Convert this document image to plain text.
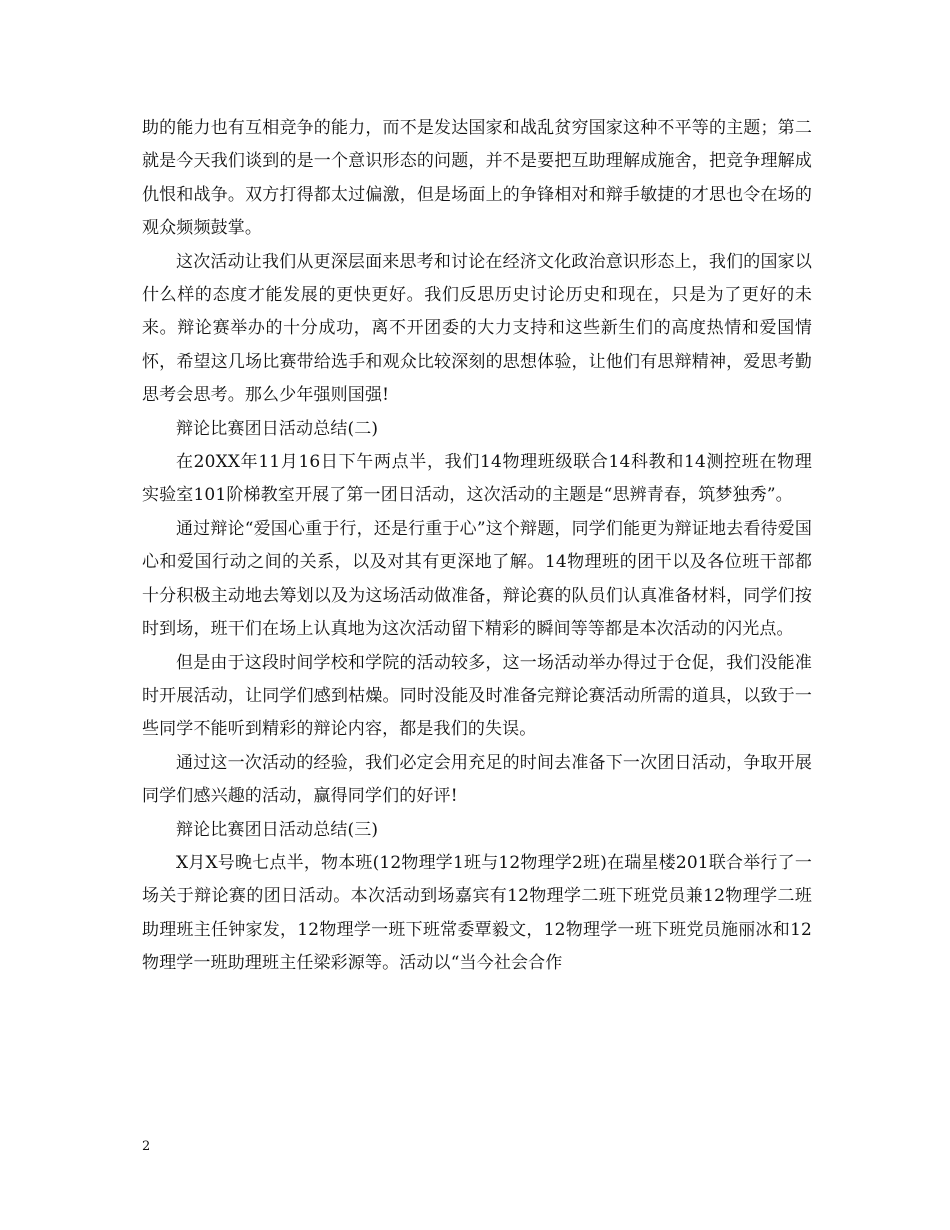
助的能力也有互相竞争的能力，而不是发达国家和战乱贫穷国家这种不平等的主题；第二就是今天我们谈到的是一个意识形态的问题，并不是要把互助理解成施舍，把竞争理解成仇恨和战争。双方打得都太过偏激，但是场面上的争锋相对和辩手敏捷的才思也令在场的观众频频鼓掌。

这次活动让我们从更深层面来思考和讨论在经济文化政治意识形态上，我们的国家以什么样的态度才能发展的更快更好。我们反思历史讨论历史和现在，只是为了更好的未来。辩论赛举办的十分成功，离不开团委的大力支持和这些新生们的高度热情和爱国情怀，希望这几场比赛带给选手和观众比较深刻的思想体验，让他们有思辩精神，爱思考勤思考会思考。那么少年强则国强!

辩论比赛团日活动总结(二)

在20XX年11月16日下午两点半，我们14物理班级联合14科教和14测控班在物理实验室101阶梯教室开展了第一团日活动，这次活动的主题是“思辨青春，筑梦独秀”。

通过辩论“爱国心重于行，还是行重于心”这个辩题，同学们能更为辩证地去看待爱国心和爱国行动之间的关系，以及对其有更深地了解。14物理班的团干以及各位班干部都十分积极主动地去筹划以及为这场活动做准备，辩论赛的队员们认真准备材料，同学们按时到场，班干们在场上认真地为这次活动留下精彩的瞬间等等都是本次活动的闪光点。

但是由于这段时间学校和学院的活动较多，这一场活动举办得过于仓促，我们没能准时开展活动，让同学们感到枯燥。同时没能及时准备完辩论赛活动所需的道具，以致于一些同学不能听到精彩的辩论内容，都是我们的失误。

通过这一次活动的经验，我们必定会用充足的时间去准备下一次团日活动，争取开展同学们感兴趣的活动，赢得同学们的好评!

辩论比赛团日活动总结(三)

X月X号晚七点半，物本班(12物理学1班与12物理学2班)在瑞星楼201联合举行了一场关于辩论赛的团日活动。本次活动到场嘉宾有12物理学二班下班党员兼12物理学二班助理班主任钟家发，12物理学一班下班常委覃毅文，12物理学一班下班党员施丽冰和12物理学一班助理班主任梁彩源等。活动以“当今社会合作

2
